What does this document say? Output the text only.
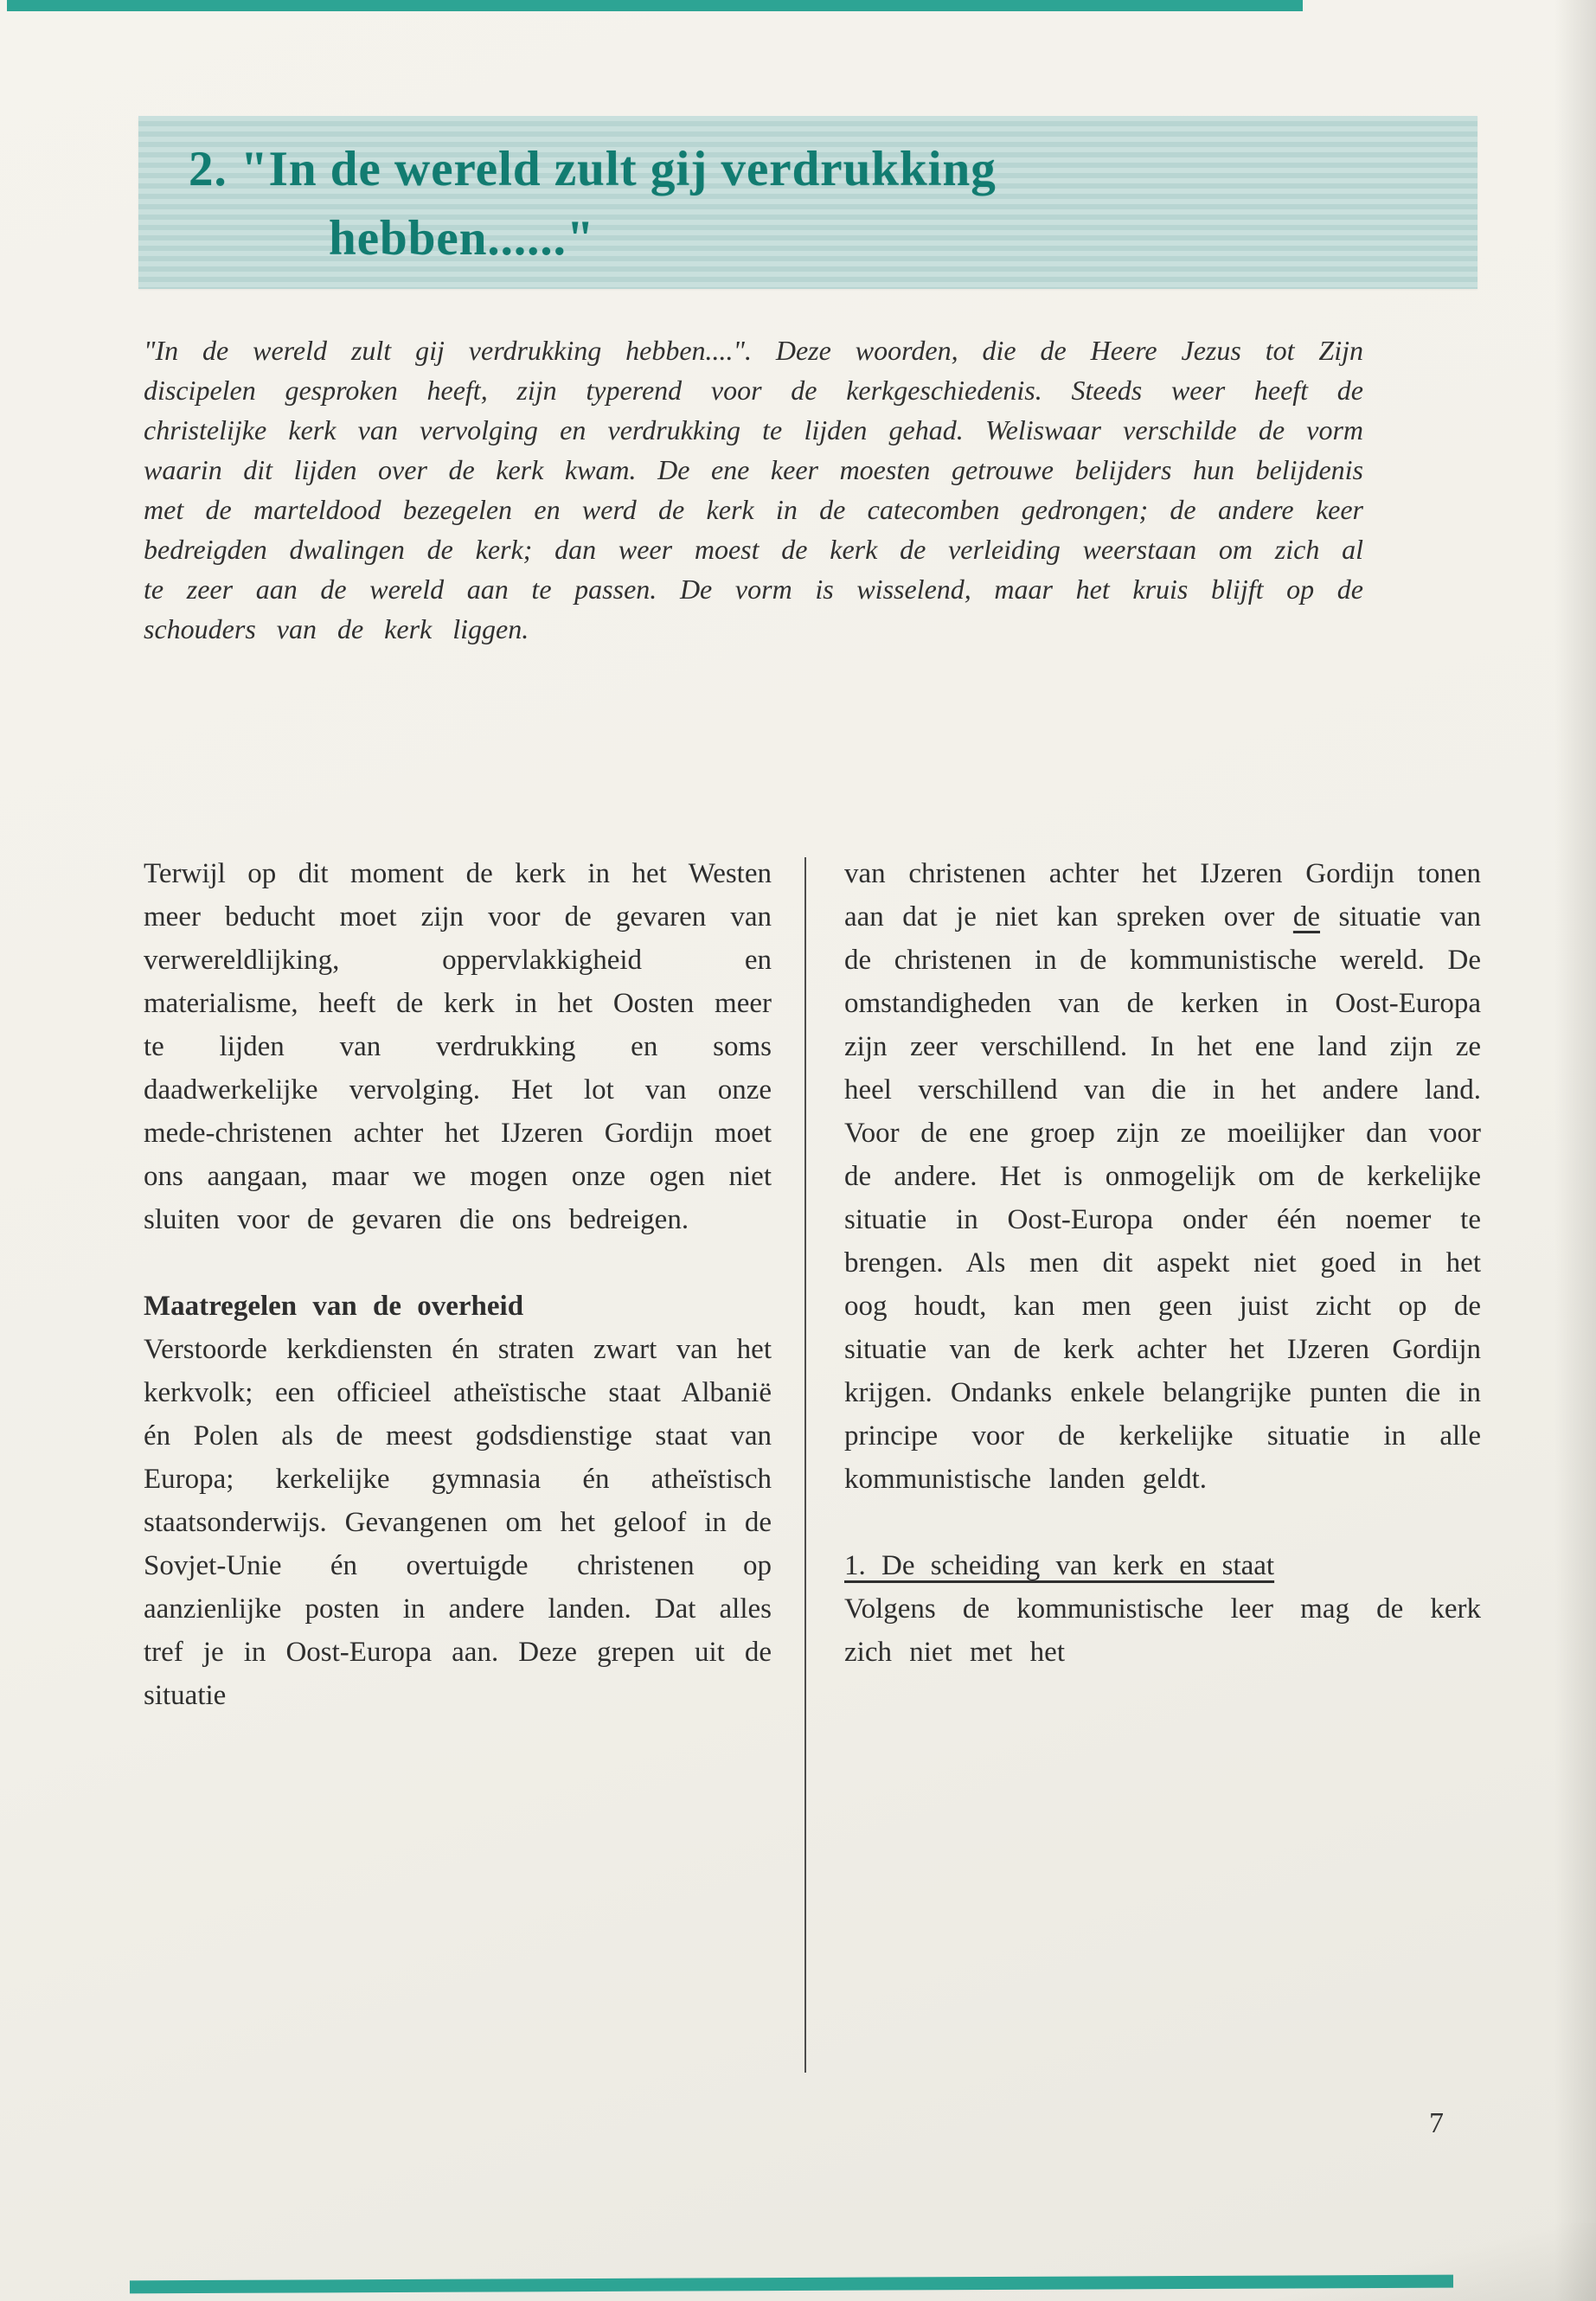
2. "In de wereld zult gij verdrukking
hebben......"

"In de wereld zult gij verdrukking hebben....". Deze woorden, die de Heere Jezus tot Zijn discipelen gesproken heeft, zijn typerend voor de kerkgeschiedenis. Steeds weer heeft de christelijke kerk van vervolging en verdrukking te lijden gehad. Weliswaar verschilde de vorm waarin dit lijden over de kerk kwam. De ene keer moesten getrouwe belijders hun belijdenis met de marteldood bezegelen en werd de kerk in de catecomben gedrongen; de andere keer bedreigden dwalingen de kerk; dan weer moest de kerk de verleiding weerstaan om zich al te zeer aan de wereld aan te passen. De vorm is wisselend, maar het kruis blijft op de schouders van de kerk liggen.

Terwijl op dit moment de kerk in het Westen meer beducht moet zijn voor de gevaren van verwereldlijking, oppervlakkigheid en materialisme, heeft de kerk in het Oosten meer te lijden van verdrukking en soms daadwerkelijke vervolging. Het lot van onze mede-christenen achter het IJzeren Gordijn moet ons aangaan, maar we mogen onze ogen niet sluiten voor de gevaren die ons bedreigen.

Maatregelen van de overheid

Verstoorde kerkdiensten én straten zwart van het kerkvolk; een officieel atheïstische staat Albanië én Polen als de meest godsdienstige staat van Europa; kerkelijke gymnasia én atheïstisch staatsonderwijs. Gevangenen om het geloof in de Sovjet-Unie én overtuigde christenen op aanzienlijke posten in andere landen. Dat alles tref je in Oost-Europa aan. Deze grepen uit de situatie

van christenen achter het IJzeren Gordijn tonen aan dat je niet kan spreken over de situatie van de christenen in de kommunistische wereld. De omstandigheden van de kerken in Oost-Europa zijn zeer verschillend. In het ene land zijn ze heel verschillend van die in het andere land. Voor de ene groep zijn ze moeilijker dan voor de andere. Het is onmogelijk om de kerkelijke situatie in Oost-Europa onder één noemer te brengen. Als men dit aspekt niet goed in het oog houdt, kan men geen juist zicht op de situatie van de kerk achter het IJzeren Gordijn krijgen. Ondanks enkele belangrijke punten die in principe voor de kerkelijke situatie in alle kommunistische landen geldt.

1. De scheiding van kerk en staat

Volgens de kommunistische leer mag de kerk zich niet met het

7
